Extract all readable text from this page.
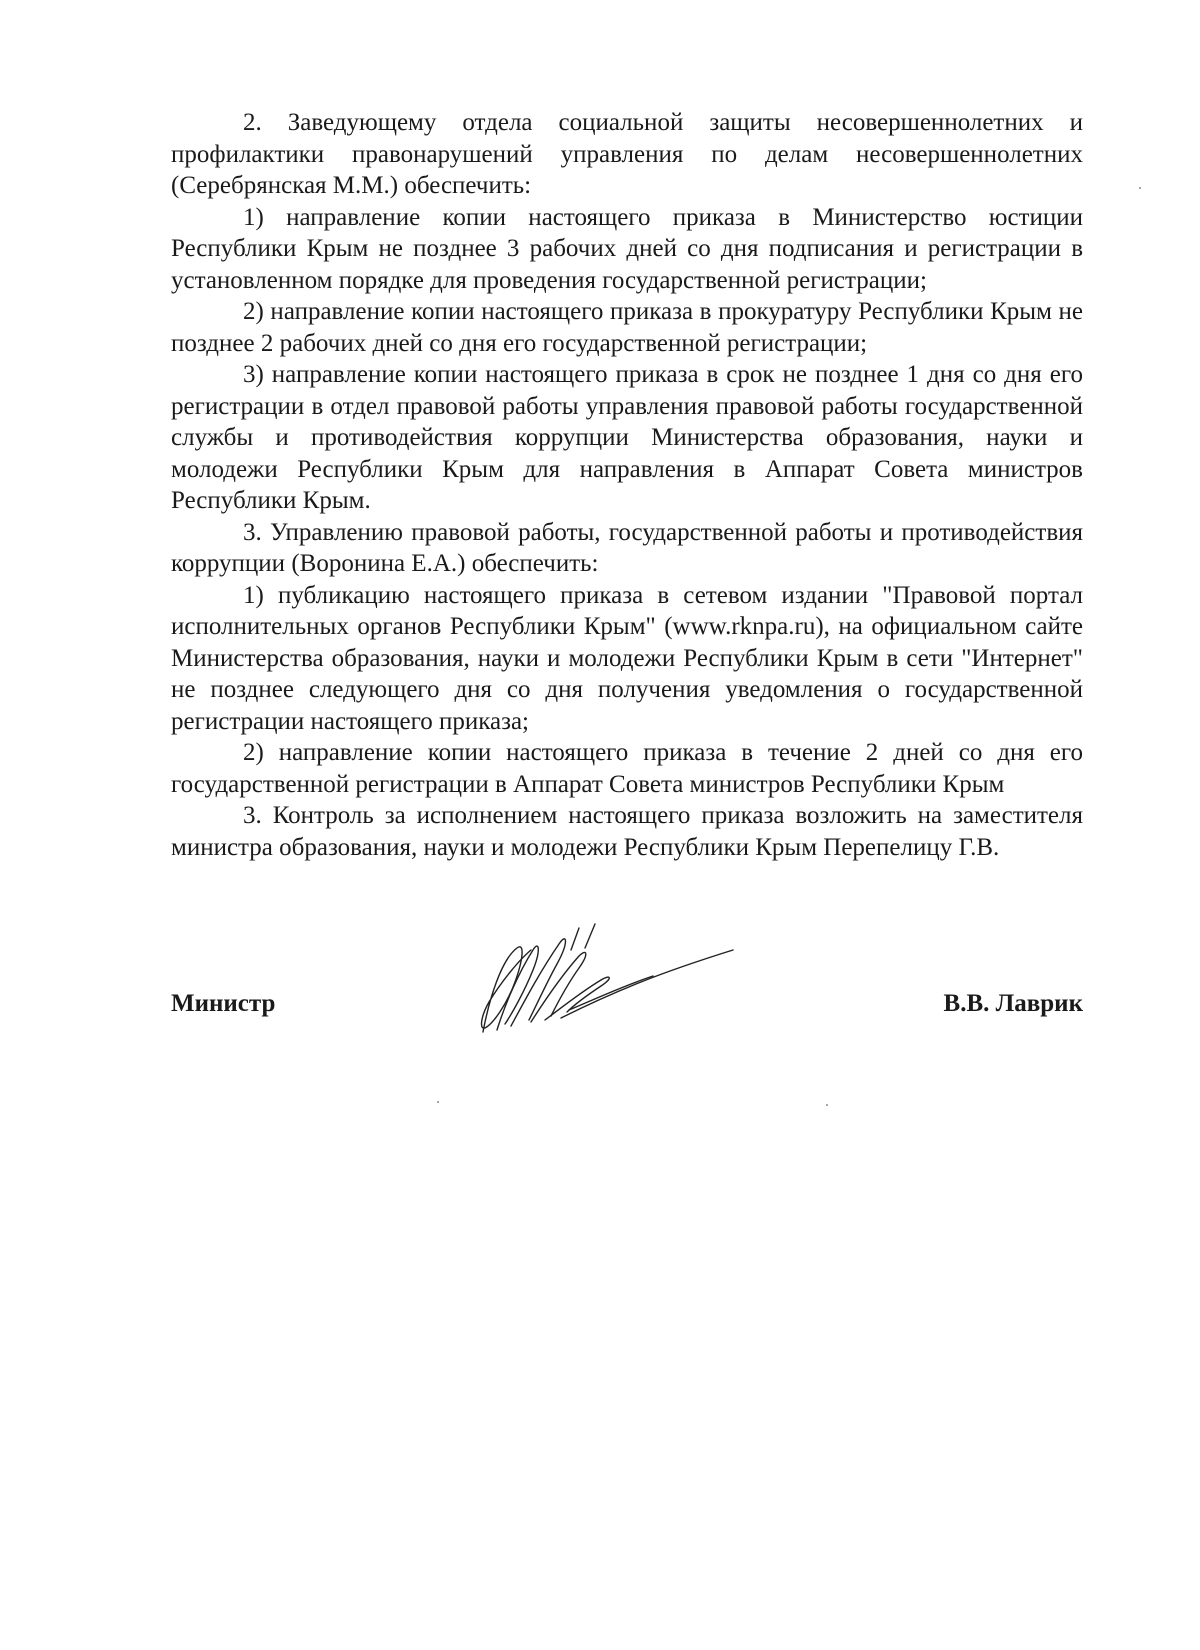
2. Заведующему отдела социальной защиты несовершеннолетних и профилактики правонарушений управления по делам несовершеннолетних (Серебрянская М.М.) обеспечить:

1) направление копии настоящего приказа в Министерство юстиции Республики Крым не позднее 3 рабочих дней со дня подписания и регистрации в установленном порядке для проведения государственной регистрации;

2) направление копии настоящего приказа в прокуратуру Республики Крым не позднее 2 рабочих дней со дня его государственной регистрации;

3) направление копии настоящего приказа в срок не позднее 1 дня со дня его регистрации в отдел правовой работы управления правовой работы государственной службы и противодействия коррупции Министерства образования, науки и молодежи Республики Крым для направления в Аппарат Совета министров Республики Крым.

3. Управлению правовой работы, государственной работы и противодействия коррупции (Воронина Е.А.) обеспечить:

1) публикацию настоящего приказа в сетевом издании "Правовой портал исполнительных органов Республики Крым" (www.rknpa.ru), на официальном сайте Министерства образования, науки и молодежи Республики Крым в сети "Интернет" не позднее следующего дня со дня получения уведомления о государственной регистрации настоящего приказа;

2) направление копии настоящего приказа в течение 2 дней со дня его государственной регистрации в Аппарат Совета министров Республики Крым

3. Контроль за исполнением настоящего приказа возложить на заместителя министра образования, науки и молодежи Республики Крым Перепелицу Г.В.

Министр	В.В. Лаврик
